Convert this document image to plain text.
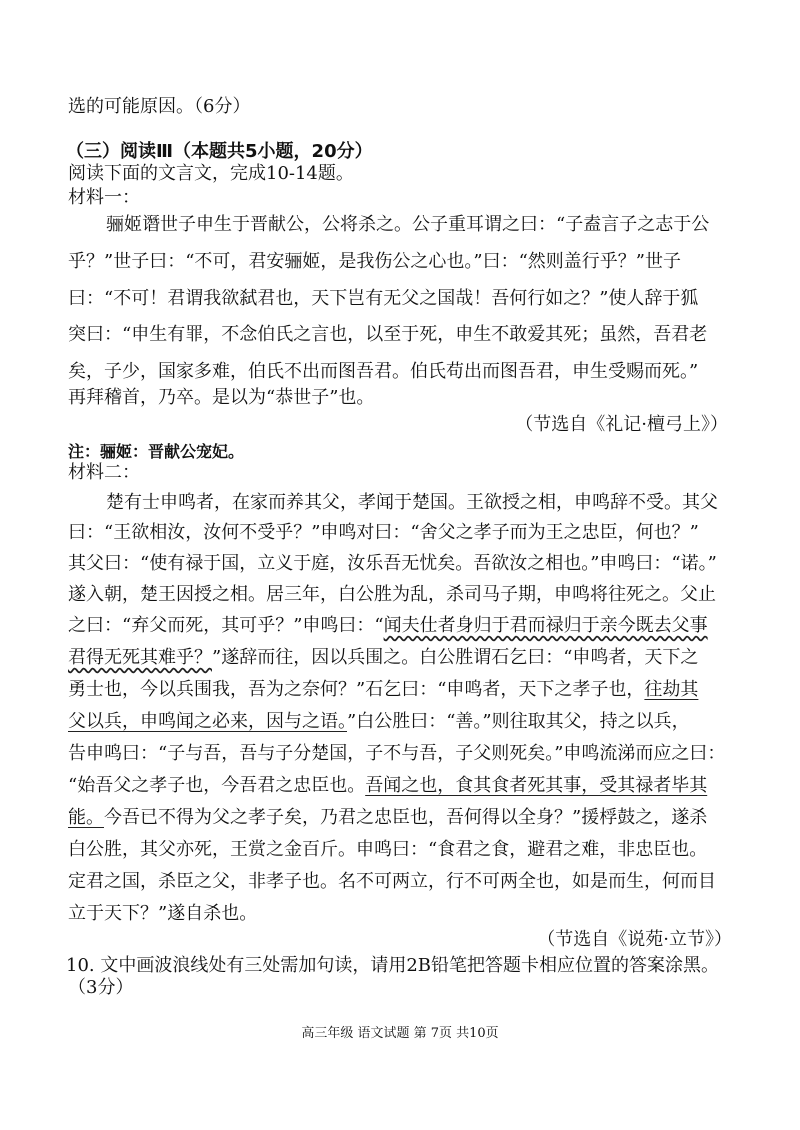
选的可能原因。（6分）
（三）阅读Ⅲ（本题共5小题，20分）
阅读下面的文言文，完成10-14题。
材料一：
骊姬谮世子申生于晋献公，公将杀之。公子重耳谓之曰：“子盍言子之志于公
乎？”世子曰：“不可，君安骊姬，是我伤公之心也。”曰：“然则盖行乎？”世子
曰：“不可！君谓我欲弑君也，天下岂有无父之国哉！吾何行如之？”使人辞于狐
突曰：“申生有罪，不念伯氏之言也，以至于死，申生不敢爱其死；虽然，吾君老
矣，子少，国家多难，伯氏不出而图吾君。伯氏苟出而图吾君，申生受赐而死。”
再拜稽首，乃卒。是以为“恭世子”也。
（节选自《礼记·檀弓上》）
注：骊姬：晋献公宠妃。
材料二：
楚有士申鸣者，在家而养其父，孝闻于楚国。王欲授之相，申鸣辞不受。其父
曰：“王欲相汝，汝何不受乎？”申鸣对曰：“舍父之孝子而为王之忠臣，何也？”
其父曰：“使有禄于国，立义于庭，汝乐吾无忧矣。吾欲汝之相也。”申鸣曰：“诺。”
遂入朝，楚王因授之相。居三年，白公胜为乱，杀司马子期，申鸣将往死之。父止
之曰：“弃父而死，其可乎？”申鸣曰：“闻夫仕者身归于君而禄归于亲今既去父事
君得无死其难乎？”遂辞而往，因以兵围之。白公胜谓石乞曰：“申鸣者，天下之
勇士也，今以兵围我，吾为之奈何？”石乞曰：“申鸣者，天下之孝子也，往劫其
父以兵，申鸣闻之必来，因与之语。”白公胜曰：“善。”则往取其父，持之以兵，
告申鸣曰：“子与吾，吾与子分楚国，子不与吾，子父则死矣。”申鸣流涕而应之曰：
“始吾父之孝子也，今吾君之忠臣也。吾闻之也，食其食者死其事，受其禄者毕其
能。今吾已不得为父之孝子矣，乃君之忠臣也，吾何得以全身？”援桴鼓之，遂杀
白公胜，其父亦死，王赏之金百斤。申鸣曰：“食君之食，避君之难，非忠臣也。
定君之国，杀臣之父，非孝子也。名不可两立，行不可两全也，如是而生，何而目
立于天下？”遂自杀也。
（节选自《说苑·立节》）
10. 文中画波浪线处有三处需加句读，请用2B铅笔把答题卡相应位置的答案涂黑。
（3分）
高三年级 语文试题 第 7页 共10页
